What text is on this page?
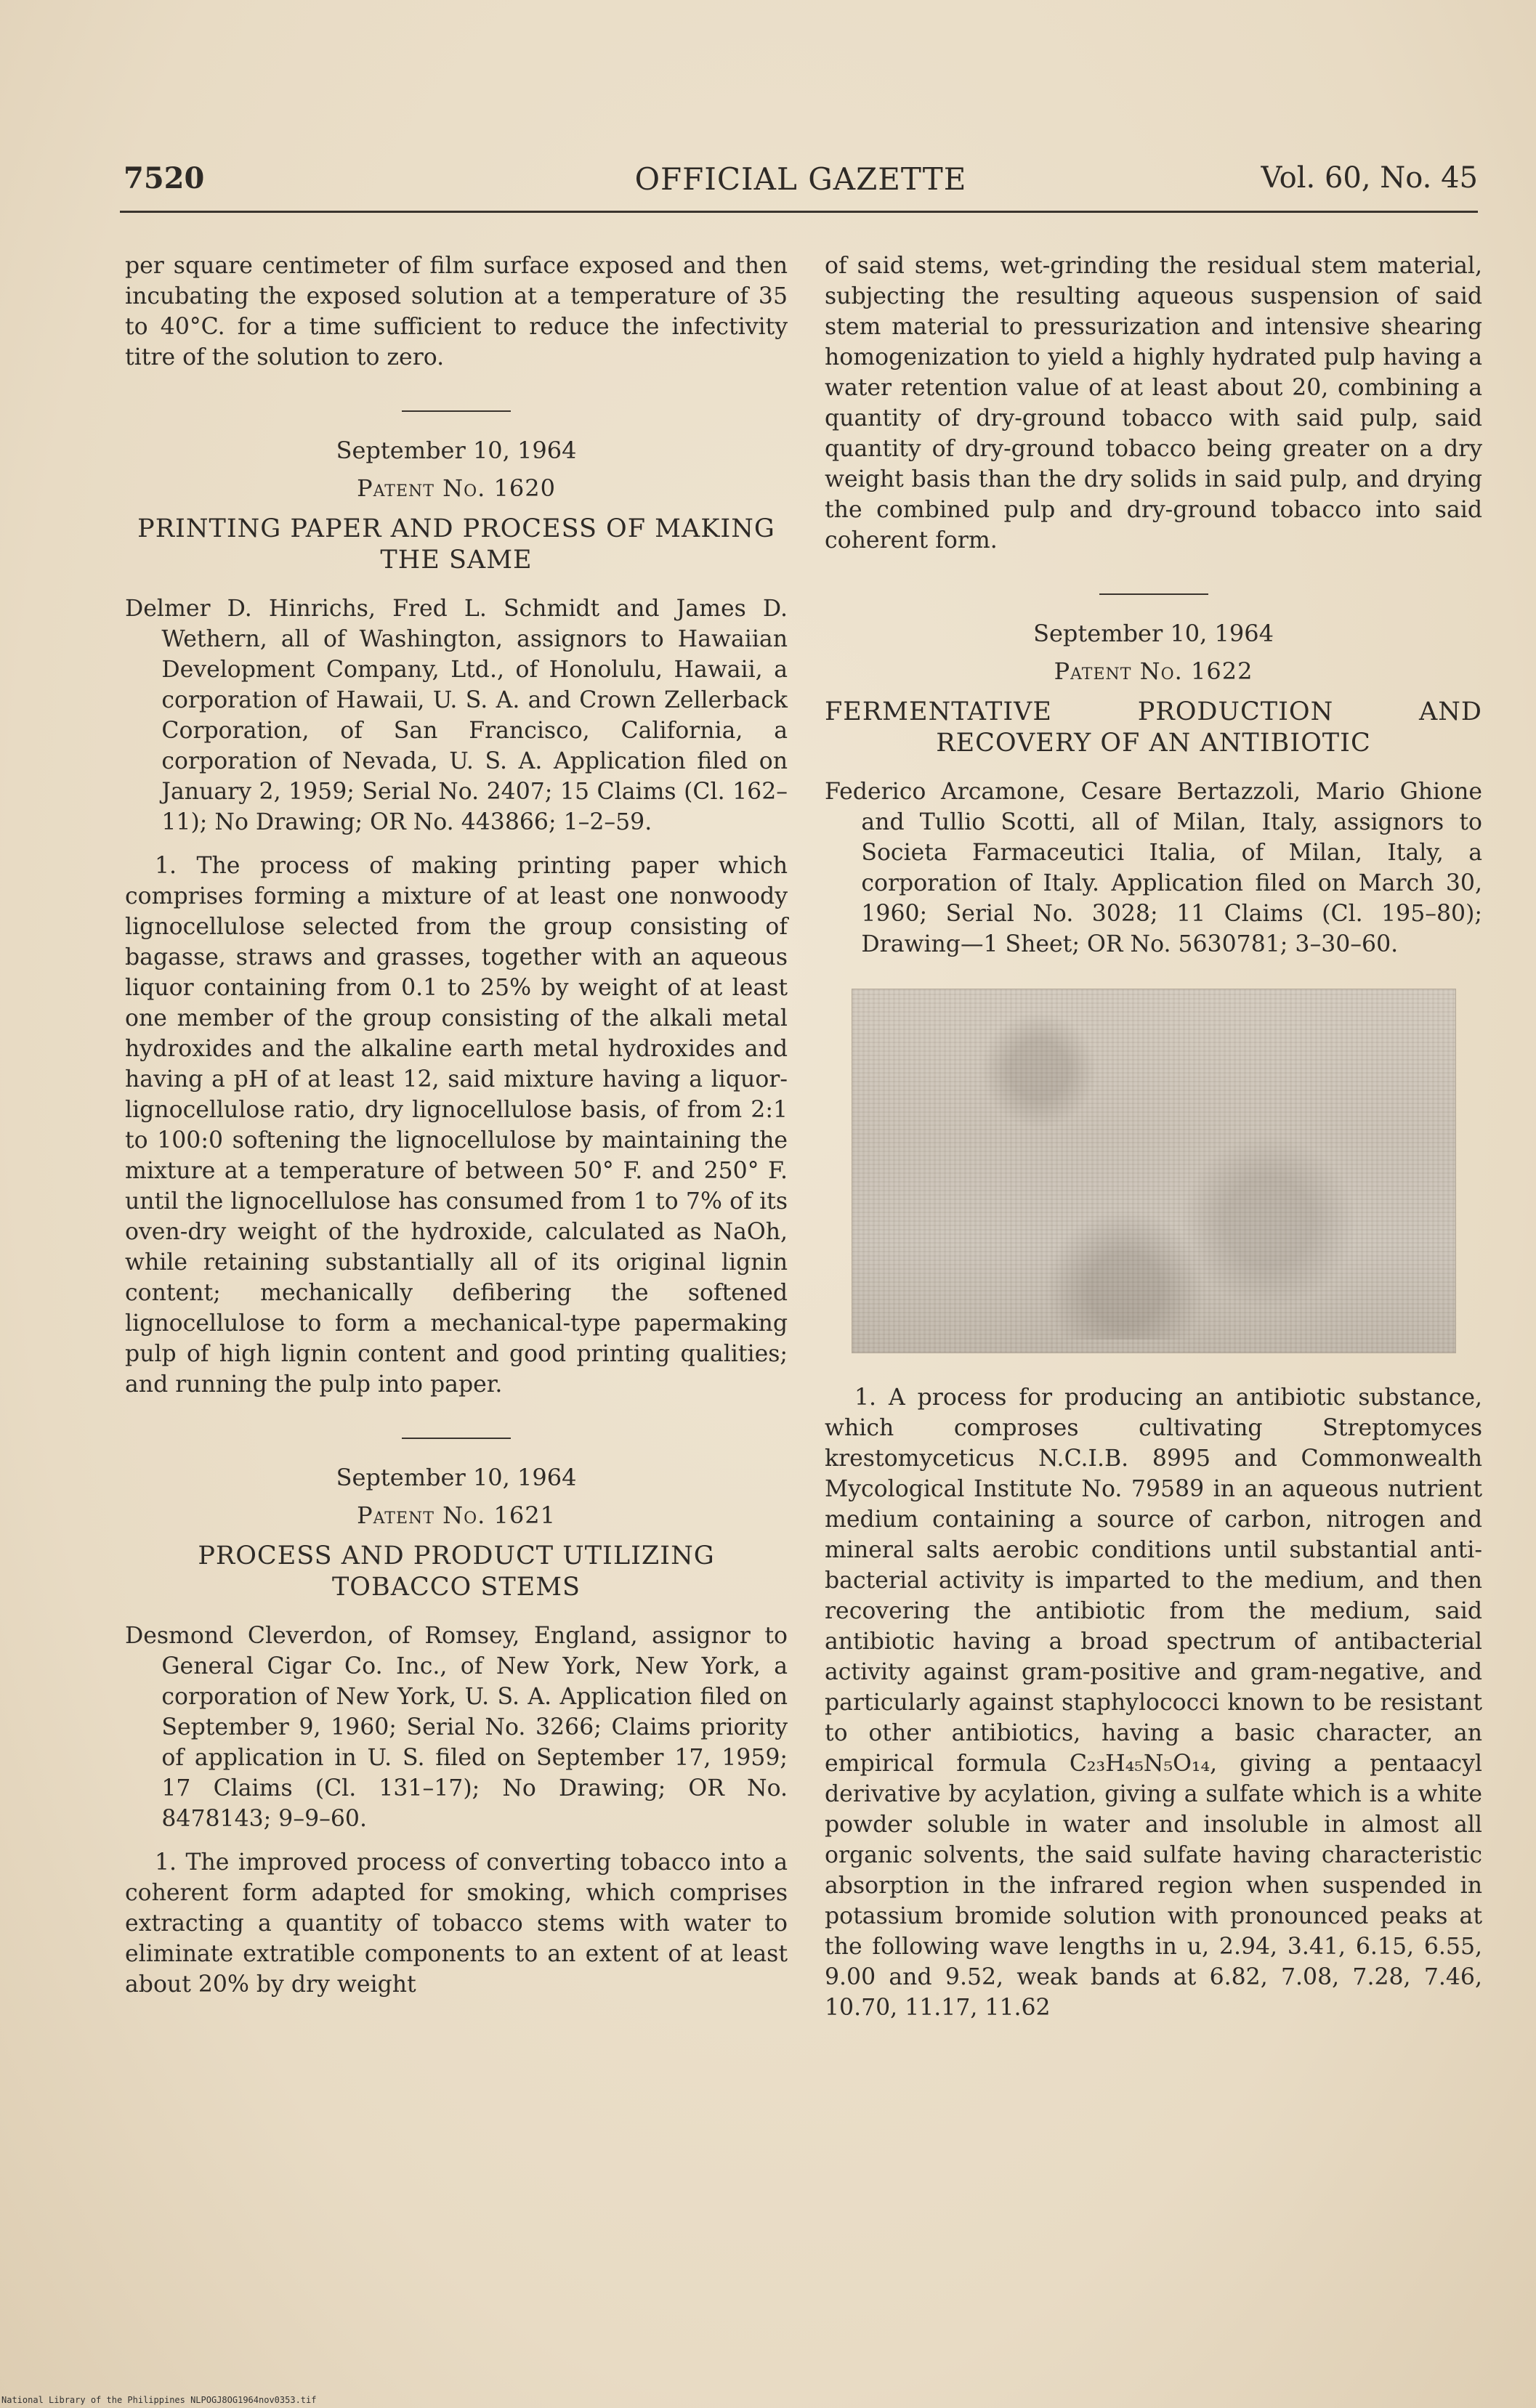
7520	OFFICIAL GAZETTE	Vol. 60, No. 45

per square centimeter of film surface exposed and then incubating the exposed solution at a temperature of 35 to 40°C. for a time sufficient to reduce the infectivity titre of the solution to zero.

September 10, 1964
Patent No. 1620
PRINTING PAPER AND PROCESS OF MAKING THE SAME

Delmer D. Hinrichs, Fred L. Schmidt and James D. Wethern, all of Washington, assignors to Hawaiian Development Company, Ltd., of Honolulu, Hawaii, a corporation of Hawaii, U. S. A. and Crown Zellerback Corporation, of San Francisco, California, a corporation of Nevada, U. S. A. Application filed on January 2, 1959; Serial No. 2407; 15 Claims (Cl. 162–11); No Drawing; OR No. 443866; 1–2–59.

1. The process of making printing paper which comprises forming a mixture of at least one nonwoody lignocellulose selected from the group consisting of bagasse, straws and grasses, together with an aqueous liquor containing from 0.1 to 25% by weight of at least one member of the group consisting of the alkali metal hydroxides and the alkaline earth metal hydroxides and having a pH of at least 12, said mixture having a liquor-lignocellulose ratio, dry lignocellulose basis, of from 2:1 to 100:0 softening the lignocellulose by maintaining the mixture at a temperature of between 50° F. and 250° F. until the lignocellulose has consumed from 1 to 7% of its oven-dry weight of the hydroxide, calculated as NaOh, while retaining substantially all of its original lignin content; mechanically defibering the softened lignocellulose to form a mechanical-type papermaking pulp of high lignin content and good printing qualities; and running the pulp into paper.

September 10, 1964
Patent No. 1621
PROCESS AND PRODUCT UTILIZING TOBACCO STEMS

Desmond Cleverdon, of Romsey, England, assignor to General Cigar Co. Inc., of New York, New York, a corporation of New York, U. S. A. Application filed on September 9, 1960; Serial No. 3266; Claims priority of application in U. S. filed on September 17, 1959; 17 Claims (Cl. 131–17); No Drawing; OR No. 8478143; 9–9–60.

1. The improved process of converting tobacco into a coherent form adapted for smoking, which comprises extracting a quantity of tobacco stems with water to eliminate extratible components to an extent of at least about 20% by dry weight

of said stems, wet-grinding the residual stem material, subjecting the resulting aqueous suspension of said stem material to pressurization and intensive shearing homogenization to yield a highly hydrated pulp having a water retention value of at least about 20, combining a quantity of dry-ground tobacco with said pulp, said quantity of dry-ground tobacco being greater on a dry weight basis than the dry solids in said pulp, and drying the combined pulp and dry-ground tobacco into said coherent form.

September 10, 1964
Patent No. 1622
FERMENTATIVE PRODUCTION AND RECOVERY OF AN ANTIBIOTIC

Federico Arcamone, Cesare Bertazzoli, Mario Ghione and Tullio Scotti, all of Milan, Italy, assignors to Societa Farmaceutici Italia, of Milan, Italy, a corporation of Italy. Application filed on March 30, 1960; Serial No. 3028; 11 Claims (Cl. 195–80); Drawing—1 Sheet; OR No. 5630781; 3–30–60.

1. A process for producing an antibiotic substance, which comproses cultivating Streptomyces krestomyceticus N.C.I.B. 8995 and Commonwealth Mycological Institute No. 79589 in an aqueous nutrient medium containing a source of carbon, nitrogen and mineral salts aerobic conditions until substantial anti-bacterial activity is imparted to the medium, and then recovering the antibiotic from the medium, said antibiotic having a broad spectrum of antibacterial activity against gram-positive and gram-negative, and particularly against staphylococci known to be resistant to other antibiotics, having a basic character, an empirical formula C₂₃H₄₅N₅O₁₄, giving a pentaacyl derivative by acylation, giving a sulfate which is a white powder soluble in water and insoluble in almost all organic solvents, the said sulfate having characteristic absorption in the infrared region when suspended in potassium bromide solution with pronounced peaks at the following wave lengths in u, 2.94, 3.41, 6.15, 6.55, 9.00 and 9.52, weak bands at 6.82, 7.08, 7.28, 7.46, 10.70, 11.17, 11.62

National Library of the Philippines NLPOGJ8OG1964nov0353.tif
